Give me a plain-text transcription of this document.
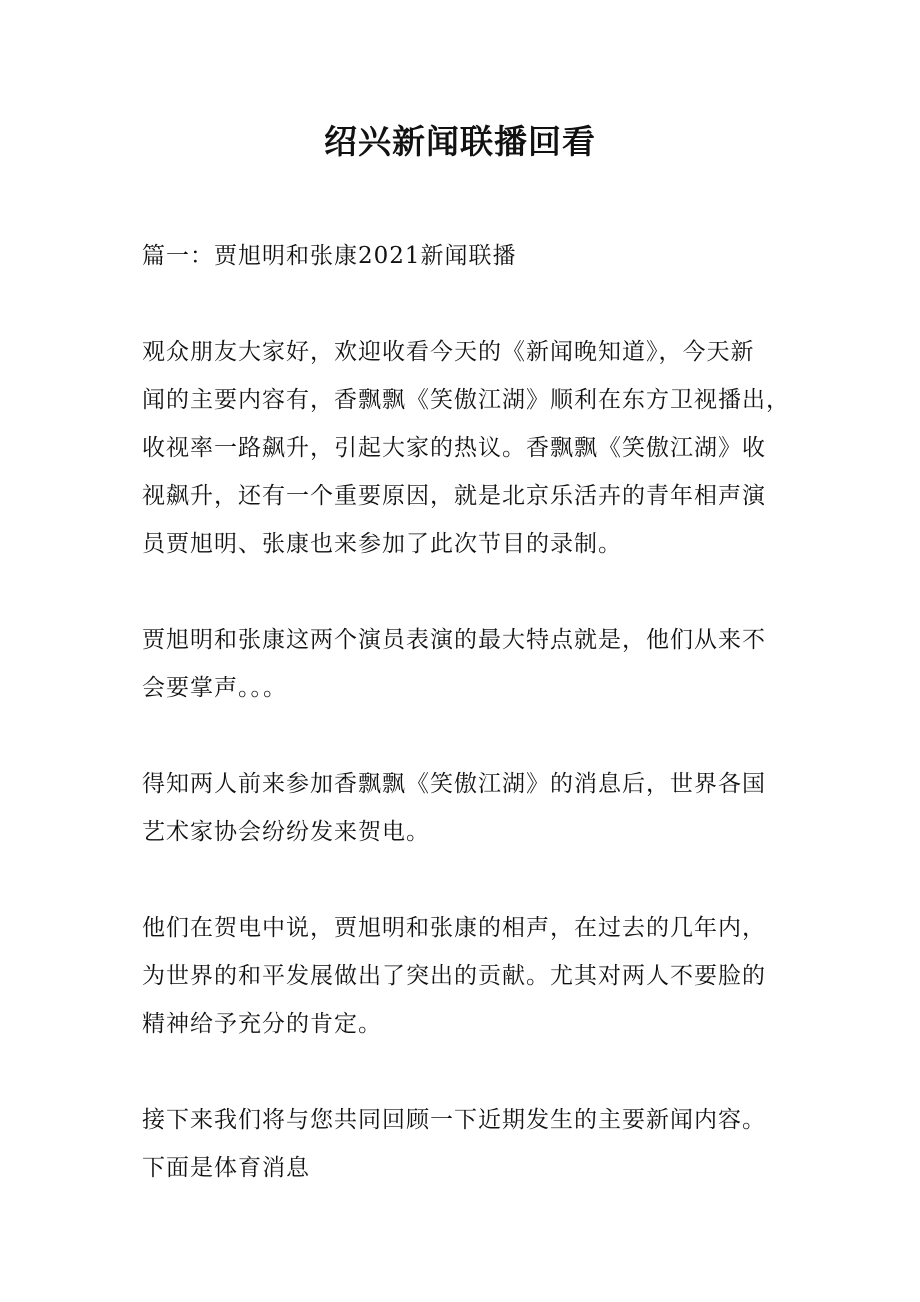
绍兴新闻联播回看
篇一：贾旭明和张康2021新闻联播
观众朋友大家好，欢迎收看今天的《新闻晚知道》，今天新
闻的主要内容有，香飘飘《笑傲江湖》顺利在东方卫视播出，
收视率一路飙升，引起大家的热议。香飘飘《笑傲江湖》收
视飙升，还有一个重要原因，就是北京乐活卉的青年相声演
员贾旭明、张康也来参加了此次节目的录制。
贾旭明和张康这两个演员表演的最大特点就是，他们从来不
会要掌声。。。
得知两人前来参加香飘飘《笑傲江湖》的消息后，世界各国
艺术家协会纷纷发来贺电。
他们在贺电中说，贾旭明和张康的相声，在过去的几年内，
为世界的和平发展做出了突出的贡献。尤其对两人不要脸的
精神给予充分的肯定。
接下来我们将与您共同回顾一下近期发生的主要新闻内容。
下面是体育消息
